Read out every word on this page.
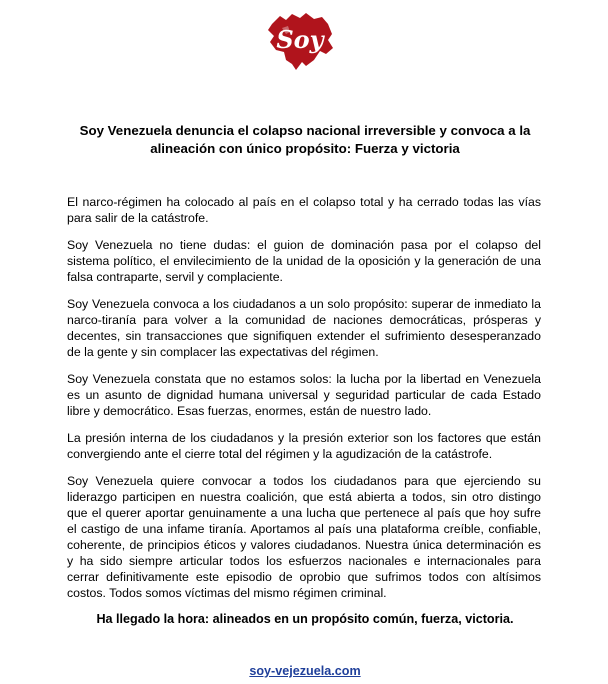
Soy
Soy Venezuela denuncia el colapso nacional irreversible y convoca a la alineación con único propósito: Fuerza y victoria

El narco-régimen ha colocado al país en el colapso total y ha cerrado todas las vías para salir de la catástrofe.

Soy Venezuela no tiene dudas: el guion de dominación pasa por el colapso del sistema político, el envilecimiento de la unidad de la oposición y la generación de una falsa contraparte, servil y complaciente.

Soy Venezuela convoca a los ciudadanos a un solo propósito: superar de inmediato la narco-tiranía para volver a la comunidad de naciones democráticas, prósperas y decentes, sin transacciones que signifiquen extender el sufrimiento desesperanzado de la gente y sin complacer las expectativas del régimen.

Soy Venezuela constata que no estamos solos: la lucha por la libertad en Venezuela es un asunto de dignidad humana universal y seguridad particular de cada Estado libre y democrático. Esas fuerzas, enormes, están de nuestro lado.

La presión interna de los ciudadanos y la presión exterior son los factores que están convergiendo ante el cierre total del régimen y la agudización de la catástrofe.

Soy Venezuela quiere convocar a todos los ciudadanos para que ejerciendo su liderazgo participen en nuestra coalición, que está abierta a todos, sin otro distingo que el querer aportar genuinamente a una lucha que pertenece al país que hoy sufre el castigo de una infame tiranía. Aportamos al país una plataforma creíble, confiable, coherente, de principios éticos y valores ciudadanos. Nuestra única determinación es y ha sido siempre articular todos los esfuerzos nacionales e internacionales para cerrar definitivamente este episodio de oprobio que sufrimos todos con altísimos costos. Todos somos víctimas del mismo régimen criminal.

Ha llegado la hora: alineados en un propósito común, fuerza, victoria.

soy-vejezuela.com
